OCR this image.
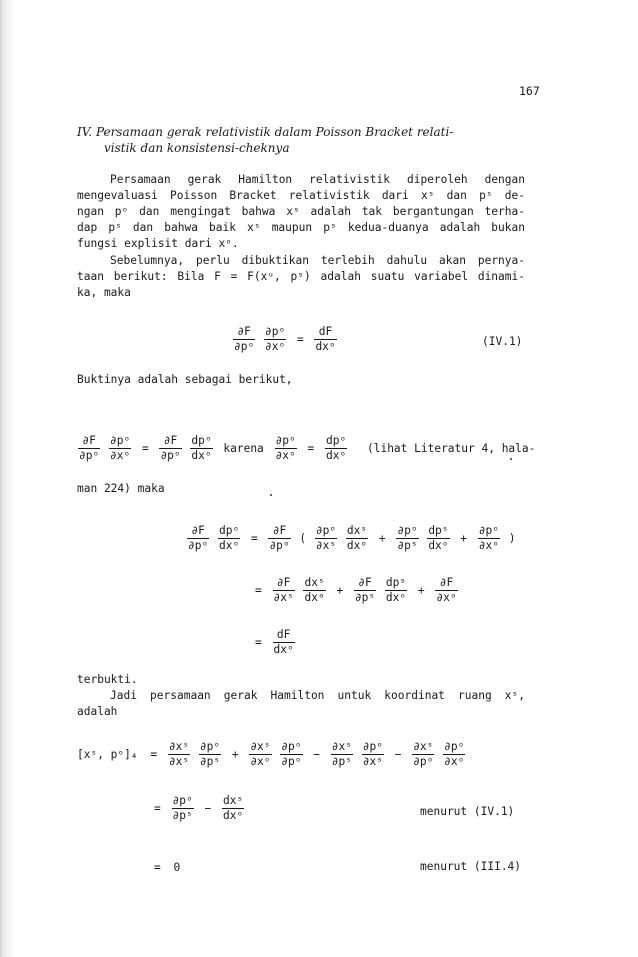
167
IV. Persamaan gerak relativistik dalam Poisson Bracket relati-
vistik dan konsistensi-cheknya
Persamaan gerak Hamilton relativistik diperoleh dengan
mengevaluasi Poisson Bracket relativistik dari xˢ dan pˢ de-
ngan pᵒ dan mengingat bahwa xˢ adalah tak bergantungan terha-
dap pˢ dan bahwa baik xˢ maupun pˢ kedua-duanya adalah bukan
fungsi explisit dari xᵒ.
Sebelumnya, perlu dibuktikan terlebih dahulu akan pernya-
taan berikut: Bila F = F(xᵘ, pˢ) adalah suatu variabel dinami-
ka, maka
$\frac{\partial F}{\text{∂pᵒ}}$
$\frac{\text{∂pᵒ}}{\text{∂xᵒ}} = \frac{dF}{\text{dxᵒ}}$	(IV.1)
Buktinya adalah sebagai berikut,
$\frac{\partial F}{\text{∂pᵒ}}$
$\frac{\text{∂pᵒ}}{\text{∂xᵒ}} = \frac{\partial F}{\text{∂pᵒ}}$
$\frac{\text{dpᵒ}}{\text{dxᵒ}}$ karena $\frac{\text{∂pᵒ}}{\text{∂xᵒ}} = \frac{\text{dpᵒ}}{\text{dxᵒ}}$ (lihat Literatur 4, hala-
man 224) maka
$\frac{\partial F}{\text{∂pᵒ}}$
$\frac{\text{dpᵒ}}{\text{dxᵒ}} = \frac{\partial F}{\text{∂pᵒ}}$ ( $\frac{\text{∂pᵒ}}{\text{∂xˢ}}$
$\frac{\text{dxˢ}}{\text{dxᵒ}} + \frac{\text{∂pᵒ}}{\text{∂pˢ}}$
$\frac{\text{dpˢ}}{\text{dxᵒ}} + \frac{\text{∂pᵒ}}{\text{∂xᵒ}}$ )
= $\frac{\partial F}{\text{∂xˢ}}$
$\frac{\text{dxˢ}}{\text{dxᵒ}} + \frac{\partial F}{\text{∂pˢ}}$
$\frac{\text{dpˢ}}{\text{dxᵒ}} + \frac{\partial F}{\text{∂xᵒ}}$
= $\frac{dF}{\text{dxᵒ}}$
terbukti.
Jadi persamaan gerak Hamilton untuk koordinat ruang xˢ,
adalah
[xˢ, pᵒ]₄ = $\frac{\text{∂xˢ}}{\text{∂xˢ}}$
$\frac{\text{∂pᵒ}}{\text{∂pˢ}} + \frac{\text{∂xˢ}}{\text{∂xᵒ}}$
$\frac{\text{∂pᵒ}}{\text{∂pᵒ}} - \frac{\text{∂xˢ}}{\text{∂pˢ}}$
$\frac{\text{∂pᵒ}}{\text{∂xˢ}} - \frac{\text{∂xˢ}}{\text{∂pᵒ}}$
$\frac{\text{∂pᵒ}}{\text{∂xᵒ}}$
= $\frac{\text{∂pᵒ}}{\text{∂pˢ}} - \frac{\text{dxˢ}}{\text{dxᵒ}}$	menurut (IV.1)
= 0	menurut (III.4)
